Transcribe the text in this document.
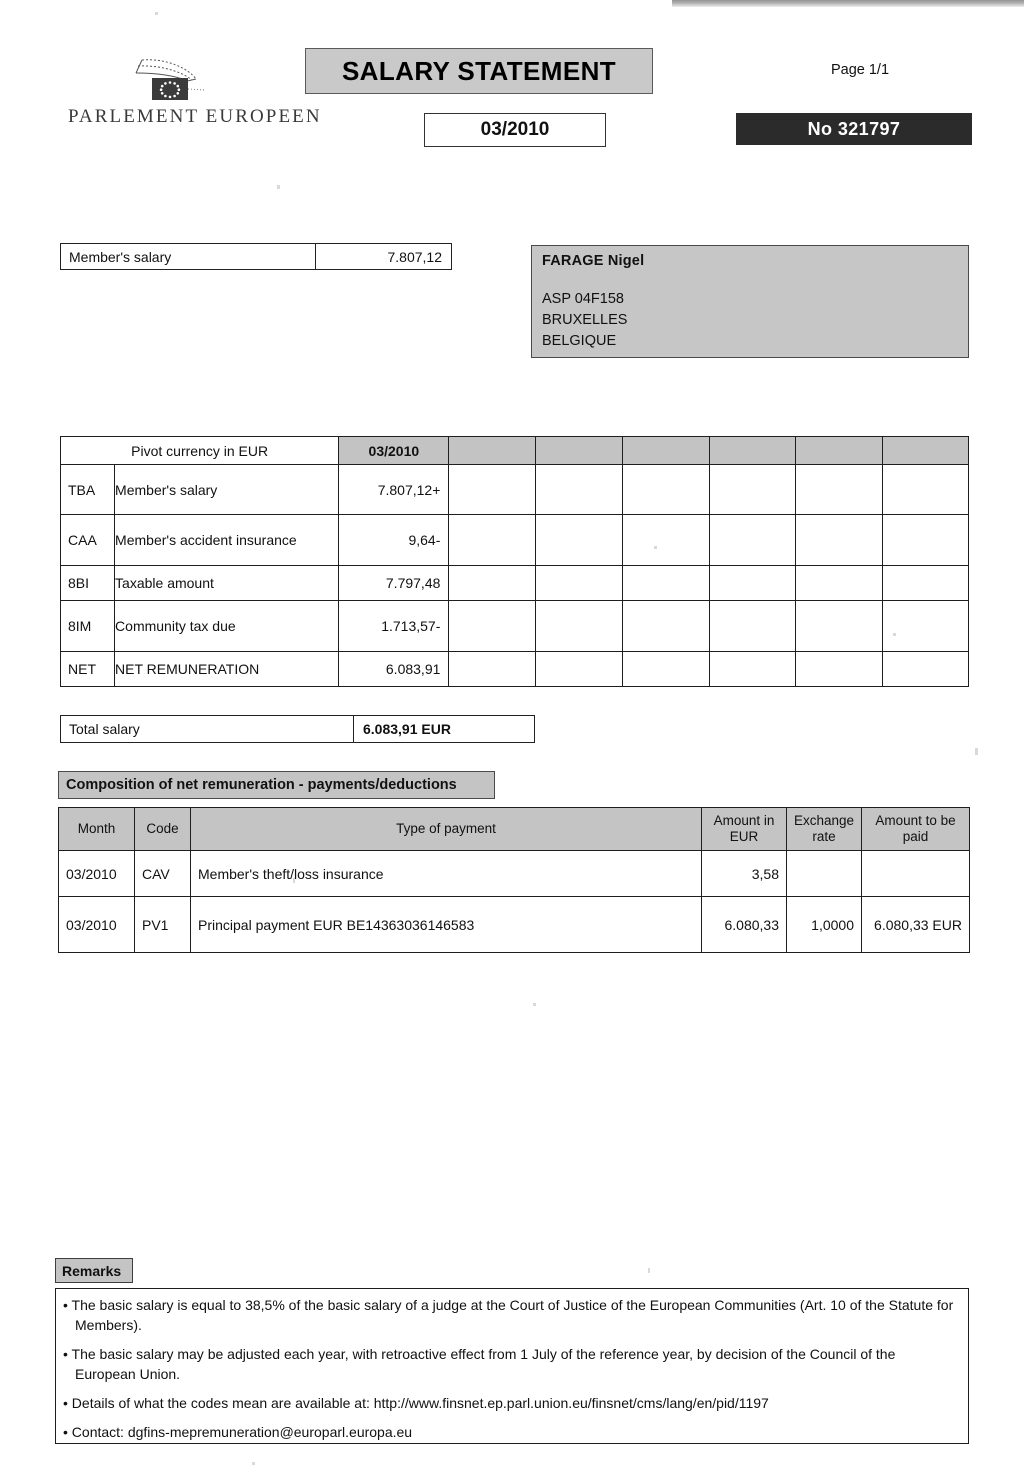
PARLEMENT EUROPEEN
SALARY STATEMENT
03/2010
Page 1/1
No 321797
Member's salary	7.807,12	FARAGE Nigel
ASP 04F158
BRUXELLES
BELGIQUE
Pivot currency in EUR		03/2010						
TBA	Member's salary	7.807,12+						
CAA	Member's accident insurance	9,64-						
8BI	Taxable amount	7.797,48						
8IM	Community tax due	1.713,57-						
NET	NET REMUNERATION	6.083,91						
Total salary	6.083,91 EUR
Composition of net remuneration - payments/deductions
Month	Code	Type of payment	Amount in EUR	Exchange rate	Amount to be paid
03/2010	CAV	Member's theft/loss insurance	3,58		
03/2010	PV1	Principal payment EUR BE14363036146583	6.080,33	1,0000	6.080,33 EUR
Remarks

• The basic salary is equal to 38,5% of the basic salary of a judge at the Court of Justice of the European Communities (Art. 10 of the Statute for Members).

• The basic salary may be adjusted each year, with retroactive effect from 1 July of the reference year, by decision of the Council of the European Union.

• Details of what the codes mean are available at: http://www.finsnet.ep.parl.union.eu/finsnet/cms/lang/en/pid/1197

• Contact: dgfins-mepremuneration@europarl.europa.eu
